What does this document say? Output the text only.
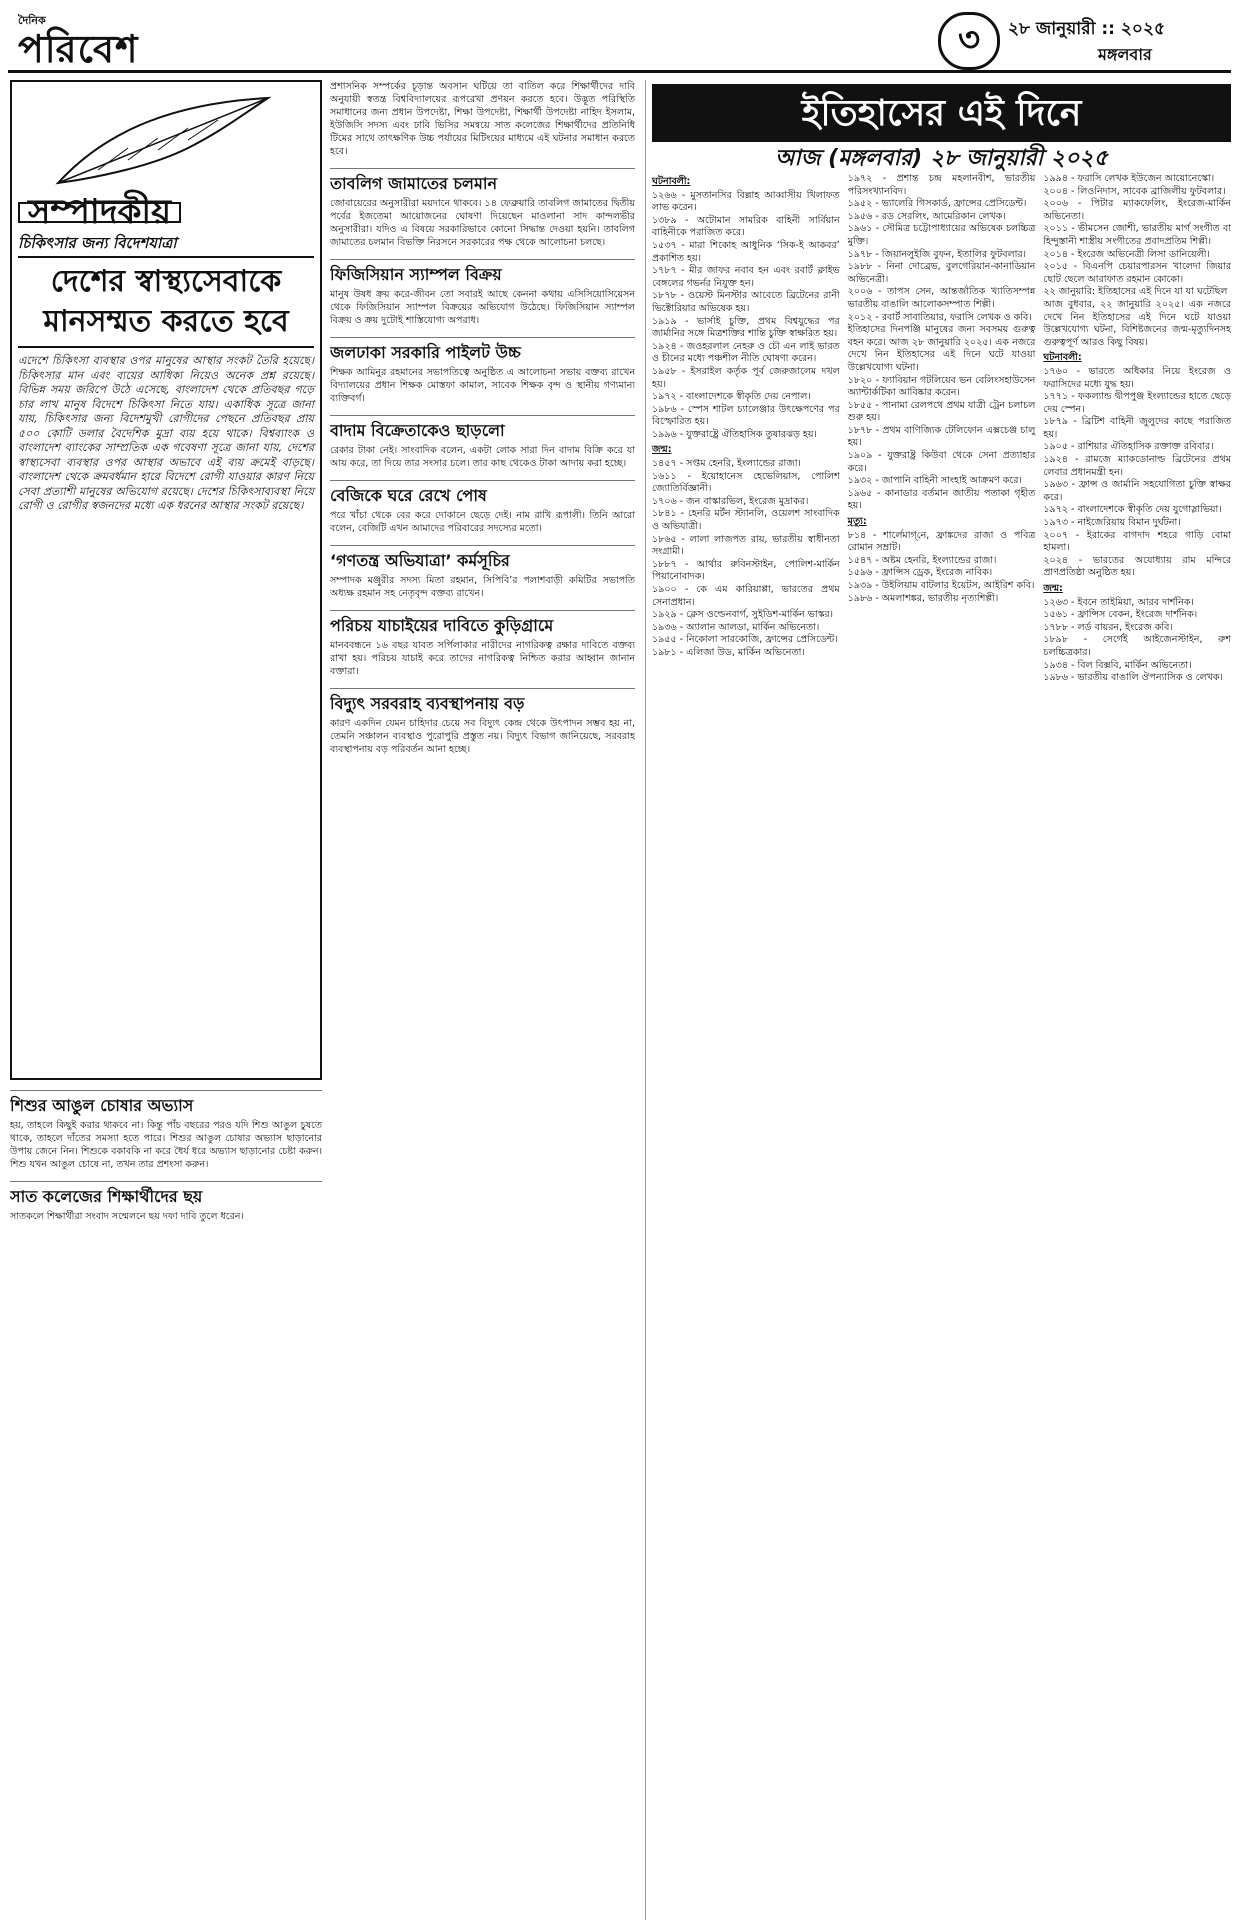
দৈনিক
পরিবেশ	৩	২৮ জানুয়ারী :: ২০২৫
মঙ্গলবার
সম্পাদকীয়
চিকিৎসার জন্য বিদেশযাত্রা
দেশের স্বাস্থ্যসেবাকে মানসম্মত করতে হবে
এদেশে চিকিৎসা ব্যবস্থার ওপর মানুষের আস্থার সংকট তৈরি হয়েছে। চিকিৎসার মান এবং ব্যয়ের আধিক্য নিয়েও অনেক প্রশ্ন রয়েছে। বিভিন্ন সময় জরিপে উঠে এসেছে, বাংলাদেশ থেকে প্রতিবছর গড়ে চার লাখ মানুষ বিদেশে চিকিৎসা নিতে যায়। একাধিক সূত্রে জানা যায়, চিকিৎসার জন্য বিদেশমুখী রোগীদের পেছনে প্রতিবছর প্রায় ৫০০ কোটি ডলার বৈদেশিক মুদ্রা ব্যয় হয়ে থাকে। বিশ্বব্যাংক ও বাংলাদেশ ব্যাংকের সাম্প্রতিক এক গবেষণা সূত্রে জানা যায়, দেশের স্বাস্থ্যসেবা ব্যবস্থার ওপর আস্থার অভাবে এই ব্যয় ক্রমেই বাড়ছে। বাংলাদেশ থেকে ক্রমবর্ধমান হারে বিদেশে রোগী যাওয়ার কারণ নিয়ে সেবা প্রত্যাশী মানুষের অভিযোগ রয়েছে। দেশের চিকিৎসাব্যবস্থা নিয়ে রোগী ও রোগীর স্বজনদের মধ্যে এক ধরনের আস্থার সংকট রয়েছে।
শিশুর আঙুল চোষার অভ্যাস

হয়, তাহলে কিছুই করার থাকবে না। কিন্তু পাঁচ বছরের পরও যদি শিশু আঙুল চুষতে থাকে, তাহলে দাঁতের সমস্যা হতে পারে। শিশুর আঙুল চোষার অভ্যাস ছাড়ানোর উপায় জেনে নিন। শিশুকে বকাবকি না করে ধৈর্য ধরে অভ্যাস ছাড়ানোর চেষ্টা করুন। শিশু যখন আঙুল চোষে না, তখন তার প্রশংসা করুন।

সাত কলেজের শিক্ষার্থীদের ছয়

সাতকলে শিক্ষার্থীরা সংবাদ সম্মেলনে ছয় দফা দাবি তুলে ধরেন।

প্রশাসনিক সম্পর্কের চূড়ান্ত অবসান ঘটিয়ে তা বাতিল করে শিক্ষার্থীদের দাবি অনুযায়ী স্বতন্ত্র বিশ্ববিদ্যালয়ের রূপরেখা প্রণয়ন করতে হবে। উদ্ভূত পরিস্থিতি সমাধানের জন্য প্রধান উপদেষ্টা, শিক্ষা উপদেষ্টা, শিক্ষার্থী উপদেষ্টা নাহিদ ইসলাম, ইউজিসি সদস্য এবং ঢাবি ভিসির সমন্বয়ে সাত কলেজের শিক্ষার্থীদের প্রতিনিধি টিমের সাথে তাৎক্ষণিক উচ্চ পর্যায়ের মিটিংয়ের মাধ্যমে এই ঘটনার সমাধান করতে হবে।

তাবলিগ জামাতের চলমান

জোবায়েরের অনুসারীরা ময়দানে থাকবে। ১৪ ফেব্রুয়ারি তাবলিগ জামাতের দ্বিতীয় পর্বের ইজতেমা আয়োজনের ঘোষণা দিয়েছেন মাওলানা সাদ কান্দলভীর অনুসারীরা। যদিও এ বিষয়ে সরকারিভাবে কোনো সিদ্ধান্ত দেওয়া হয়নি। তাবলিগ জামাতের চলমান বিভক্তি নিরসনে সরকারের পক্ষ থেকে আলোচনা চলছে।

ফিজিসিয়ান স্যাম্পল বিক্রয়

মানুষ উষধ ক্রয় করে-জীবন তো সবারই আছে কেননা কথায় এসিসিয়োসিয়েসন থেকে ফিজিসিয়ান স্যাম্পল বিক্রয়ের অভিযোগ উঠেছে। ফিজিসিয়ান স্যাম্পল বিক্রয় ও ক্রয় দুটোই শাস্তিযোগ্য অপরাধ।

জলঢাকা সরকারি পাইলট উচ্চ

শিক্ষক আমিনুর রহমানের সভাপতিত্বে অনুষ্ঠিত এ আলোচনা সভায় বক্তব্য রাখেন বিদ্যালয়ের প্রধান শিক্ষক মোস্তফা কামাল, সাবেক শিক্ষক বৃন্দ ও স্থানীয় গণ্যমান্য ব্যক্তিবর্গ।

বাদাম বিক্রেতাকেও ছাড়লো

রেকার টাকা নেই। সাংবাদিক বলেন, একটা লোক সারা দিন বাদাম বিক্রি করে যা আয় করে, তা দিয়ে তার সংসার চলে। তার কাছ থেকেও টাকা আদায় করা হচ্ছে।

বেজিকে ঘরে রেখে পোষ

পরে খাঁচা থেকে বের করে দোকানে ছেড়ে দেই। নাম রাখি রূপালী। তিনি আরো বলেন, বেজিটি এখন আমাদের পরিবারের সদস্যের মতো।

‘গণতন্ত্র অভিযাত্রা’ কর্মসূচির

সম্পাদক মঞ্জুরীর সদস্য মিতা রহমান, সিপিবি’র পলাশবাড়ী কমিটির সভাপতি অধ্যক্ষ রহমান সহ নেতৃবৃন্দ বক্তব্য রাখেন।

পরিচয় যাচাইয়ের দাবিতে কুড়িগ্রামে

মানববন্ধনে ১৬ বছর যাবত সর্পিলাকার নারীদের নাগরিকত্ব রক্ষার দাবিতে বক্তব্য রাখা হয়। পরিচয় যাচাই করে তাদের নাগরিকত্ব নিশ্চিত করার আহ্বান জানান বক্তারা।

বিদ্যুৎ সরবরাহ ব্যবস্থাপনায় বড়

কারণ একদিন যেমন চাহিদার চেয়ে সব বিদ্যুৎ কেন্দ্র থেকে উৎপাদন সম্ভব হয় না, তেমনি সঞ্চালন ব্যবস্থাও পুরোপুরি প্রস্তুত নয়। বিদ্যুৎ বিভাগ জানিয়েছে, সরবরাহ ব্যবস্থাপনায় বড় পরিবর্তন আনা হচ্ছে।

ইতিহাসের এই দিনে
আজ (মঙ্গলবার) ২৮ জানুয়ারী ২০২৫
ঘটনাবলী:
১২৬৬ - মুসতানসির বিল্লাহ আব্বাসীয় খিলাফত লাভ করেন।
১৩৮৯ - অটোমান সামরিক বাহিনী সার্বিয়ান বাহিনীকে পরাজিত করে।
১৫৩৭ - মারা শিকোহ আধুনিক ‘সিক-ই আকবর’ প্রকাশিত হয়।
১৭৮৭ - মীর জাফর নবাব হন এবং রবার্ট ক্লাইভ বেঙ্গলের গভর্নর নিযুক্ত হন।
১৮৭৮ - ওয়েস্ট মিনস্টার আবেতে ব্রিটেনের রানী ভিক্টোরিয়ার অভিষেক হয়।
১৯১৯ - ভার্সাই চুক্তি, প্রথম বিশ্বযুদ্ধের পর জার্মানির সঙ্গে মিত্রশক্তির শান্তি চুক্তি স্বাক্ষরিত হয়।
১৯২৪ - জওহরলাল নেহরু ও চৌ এন লাই ভারত ও চীনের মধ্যে পঞ্চশীল নীতি ঘোষণা করেন।
১৯৫৮ - ইসরাইল কর্তৃক পূর্ব জেরুজালেম দখল হয়।
১৯৭২ - বাংলাদেশকে স্বীকৃতি দেয় নেপাল।
১৯৮৬ - স্পেস শাটল চ্যালেঞ্জার উৎক্ষেপণের পর বিস্ফোরিত হয়।
১৯৯৬ - যুক্তরাষ্ট্রে ঐতিহাসিক তুষারঝড় হয়।
জন্ম:
১৪৫৭ - সপ্তম হেনরি, ইংল্যান্ডের রাজা।
১৬১১ - ইয়োহানেস হেভেলিয়াস, পোলিশ জ্যোতির্বিজ্ঞানী।
১৭০৬ - জন বাস্কারভিল, ইংরেজ মুদ্রাকর।
১৮৪১ - হেনরি মর্টন স্ট্যানলি, ওয়েলশ সাংবাদিক ও অভিযাত্রী।
১৮৬৫ - লালা লাজপত রায়, ভারতীয় স্বাধীনতা সংগ্রামী।
১৮৮৭ - আর্থার রুবিনস্টাইন, পোলিশ-মার্কিন পিয়ানোবাদক।
১৯০০ - কে এম কারিয়াপ্পা, ভারতের প্রথম সেনাপ্রধান।
১৯২৯ - ক্লেস ওল্ডেনবার্গ, সুইডিশ-মার্কিন ভাস্কর।
১৯৩৬ - অ্যালান আলডা, মার্কিন অভিনেতা।
১৯৫৫ - নিকোলা সারকোজি, ফ্রান্সের প্রেসিডেন্ট।
১৯৮১ - এলিজা উড, মার্কিন অভিনেতা।
১৯৭২ - প্রশান্ত চন্দ্র মহলানবীশ, ভারতীয় পরিসংখ্যানবিদ।
১৯৫২ - ভ্যালেরি গিসকার্ড, ফ্রান্সের প্রেসিডেন্ট।
১৯৫৬ - রড সেরলিং, আমেরিকান লেখক।
১৯৬১ - সৌমিত্র চট্টোপাধ্যায়ের অভিষেক চলচ্চিত্র মুক্তি।
১৯৭৮ - জিয়ানলুইজি বুফন, ইতালির ফুটবলার।
১৯৮৮ - নিনা দোব্রেভ, বুলগেরিয়ান-কানাডিয়ান অভিনেত্রী।
২০০৬ - তাপস সেন, আন্তর্জাতিক খ্যাতিসম্পন্ন ভারতীয় বাঙালি আলোকসম্পাত শিল্পী।
২০১২ - রবার্ট সাবাতিয়ার, ফরাসি লেখক ও কবি।
ইতিহাসের দিনপঞ্জি মানুষের জন্য সবসময় গুরুত্ব বহন করে। আজ ২৮ জানুয়ারি ২০২৫। এক নজরে দেখে নিন ইতিহাসের এই দিনে ঘটে যাওয়া উল্লেখযোগ্য ঘটনা।
১৮২০ - ফ্যাবিয়ান গটলিয়েব ভন বেলিংসহাউসেন অ্যান্টার্কটিকা আবিষ্কার করেন।
১৮৫৫ - পানামা রেলপথে প্রথম যাত্রী ট্রেন চলাচল শুরু হয়।
১৮৭৮ - প্রথম বাণিজ্যিক টেলিফোন এক্সচেঞ্জ চালু হয়।
১৯০৯ - যুক্তরাষ্ট্র কিউবা থেকে সেনা প্রত্যাহার করে।
১৯৩২ - জাপানি বাহিনী সাংহাই আক্রমণ করে।
১৯৬৫ - কানাডার বর্তমান জাতীয় পতাকা গৃহীত হয়।
মৃত্যু:
৮১৪ - শার্লেমাগ্‌নে, ফ্রাঙ্কদের রাজা ও পবিত্র রোমান সম্রাট।
১৫৪৭ - অষ্টম হেনরি, ইংল্যান্ডের রাজা।
১৫৯৬ - ফ্রান্সিস ড্রেক, ইংরেজ নাবিক।
১৯৩৯ - উইলিয়াম বাটলার ইয়েটস, আইরিশ কবি।
১৯৮৬ - অমলাশঙ্কর, ভারতীয় নৃত্যশিল্পী।
১৯৯৪ - ফরাসি লেখক ইউজেন আয়োনেস্কো।
২০০৪ - লিওনিদাস, সাবেক ব্রাজিলীয় ফুটবলার।
২০০৬ - পিটার ম্যাকফেলিং, ইংরেজ-মার্কিন অভিনেতা।
২০১১ - ভীমসেন জোশী, ভারতীয় মার্গ সংগীত বা হিন্দুস্তানী শাস্ত্রীয় সংগীতের প্রবাদপ্রতিম শিল্পী।
২০১৪ - ইংরেজ অভিনেত্রী লিসা ডানিয়েলী।
২০১৫ - বিএনপি চেয়ারপারসন খালেদা জিয়ার ছোট ছেলে আরাফাত রহমান কোকো।
২২ জানুয়ারি: ইতিহাসের এই দিনে যা যা ঘটেছিল
আজ বুধবার, ২২ জানুয়ারি ২০২৫। এক নজরে দেখে নিন ইতিহাসের এই দিনে ঘটে যাওয়া উল্লেখযোগ্য ঘটনা, বিশিষ্টজনের জন্ম-মৃত্যুদিনসহ গুরুত্বপূর্ণ আরও কিছু বিষয়।
ঘটনাবলী:
১৭৬০ - ভারতে অধিকার নিয়ে ইংরেজ ও ফরাসিদের মধ্যে যুদ্ধ হয়।
১৭৭১ - ফকল্যান্ড দ্বীপপুঞ্জ ইংল্যান্ডের হাতে ছেড়ে দেয় স্পেন।
১৮৭৯ - ব্রিটিশ বাহিনী জুলুদের কাছে পরাজিত হয়।
১৯০৫ - রাশিয়ার ঐতিহাসিক রক্তাক্ত রবিবার।
১৯২৪ - রামজে ম্যাকডোনাল্ড ব্রিটেনের প্রথম লেবার প্রধানমন্ত্রী হন।
১৯৬৩ - ফ্রান্স ও জার্মানি সহযোগিতা চুক্তি স্বাক্ষর করে।
১৯৭২ - বাংলাদেশকে স্বীকৃতি দেয় যুগোস্লাভিয়া।
১৯৭৩ - নাইজেরিয়ায় বিমান দুর্ঘটনা।
২০০৭ - ইরাকের বাগদাদ শহরে গাড়ি বোমা হামলা।
২০২৪ - ভারতের অযোধ্যায় রাম মন্দিরে প্রাণপ্রতিষ্ঠা অনুষ্ঠিত হয়।
জন্ম:
১২৬৩ - ইবনে তাইমিয়া, আরব দার্শনিক।
১৫৬১ - ফ্রান্সিস বেকন, ইংরেজ দার্শনিক।
১৭৮৮ - লর্ড বায়রন, ইংরেজ কবি।
১৮৯৮ - সের্গেই আইজেনস্টাইন, রুশ চলচ্চিত্রকার।
১৯৩৪ - বিল বিক্সবি, মার্কিন অভিনেতা।
১৯৮৬ - ভারতীয় বাঙালি ঔপন্যাসিক ও লেখক।
